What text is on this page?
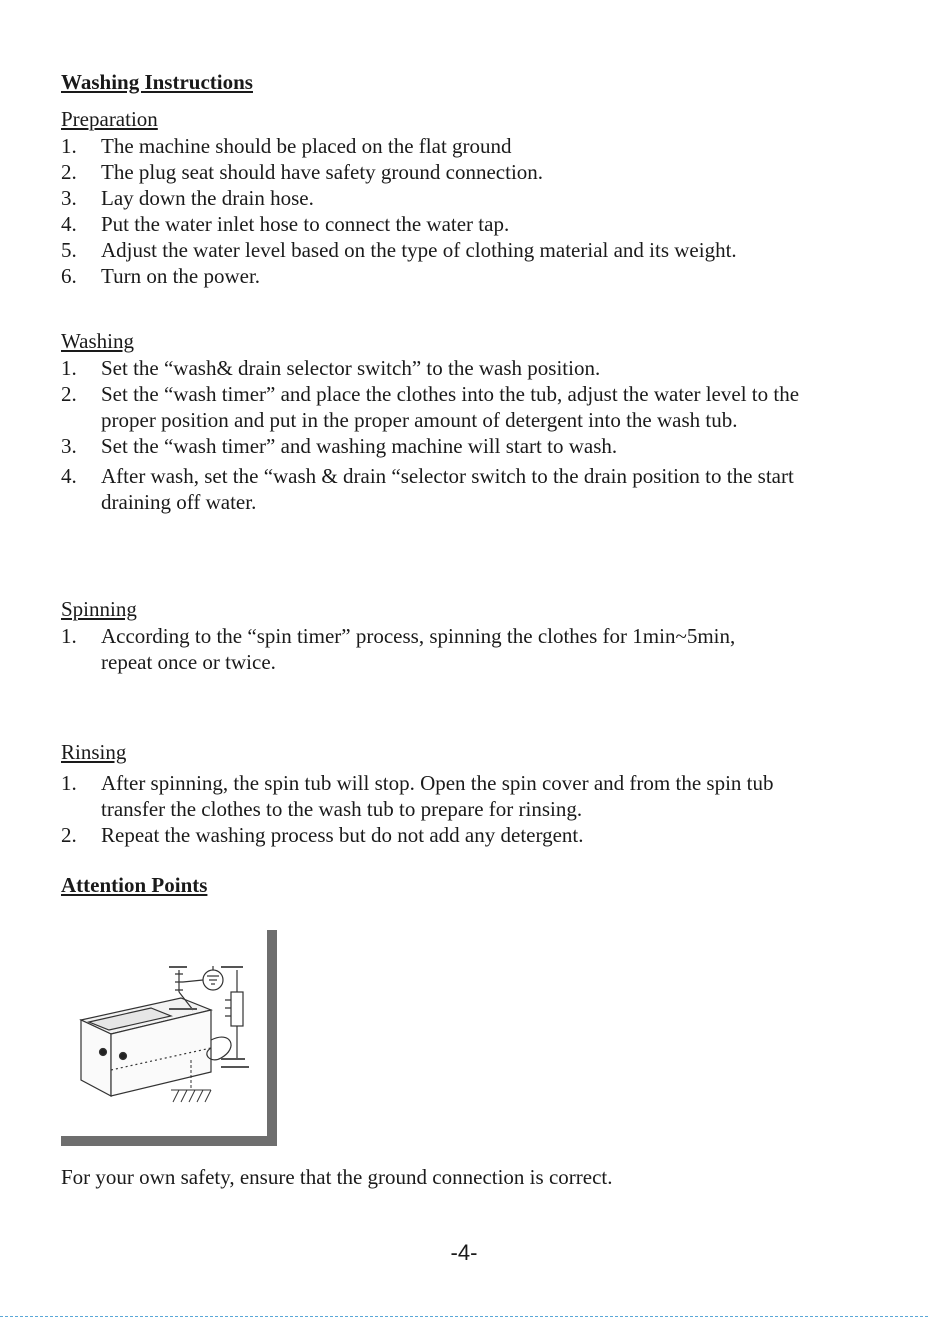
Washing Instructions
Preparation
1. The machine should be placed on the flat ground
2. The plug seat should have safety ground connection.
3. Lay down the drain hose.
4. Put the water inlet hose to connect the water tap.
5. Adjust the water level based on the type of clothing material and its weight.
6. Turn on the power.
Washing
1. Set the “wash& drain selector switch” to the wash position.
2. Set the “wash timer” and place the clothes into the tub, adjust the water level to the proper position and put in the proper amount of detergent into the wash tub.
3. Set the “wash timer” and washing machine will start to wash.
4. After wash, set the “wash & drain “selector switch to the drain position to the start draining off water.
Spinning
1. According to the “spin timer” process, spinning the clothes for 1min~5min, repeat once or twice.
Rinsing
1. After spinning, the spin tub will stop. Open the spin cover and from the spin tub transfer the clothes to the wash tub to prepare for rinsing.
2. Repeat the washing process but do not add any detergent.
Attention Points
For your own safety, ensure that the ground connection is correct.
-4-
